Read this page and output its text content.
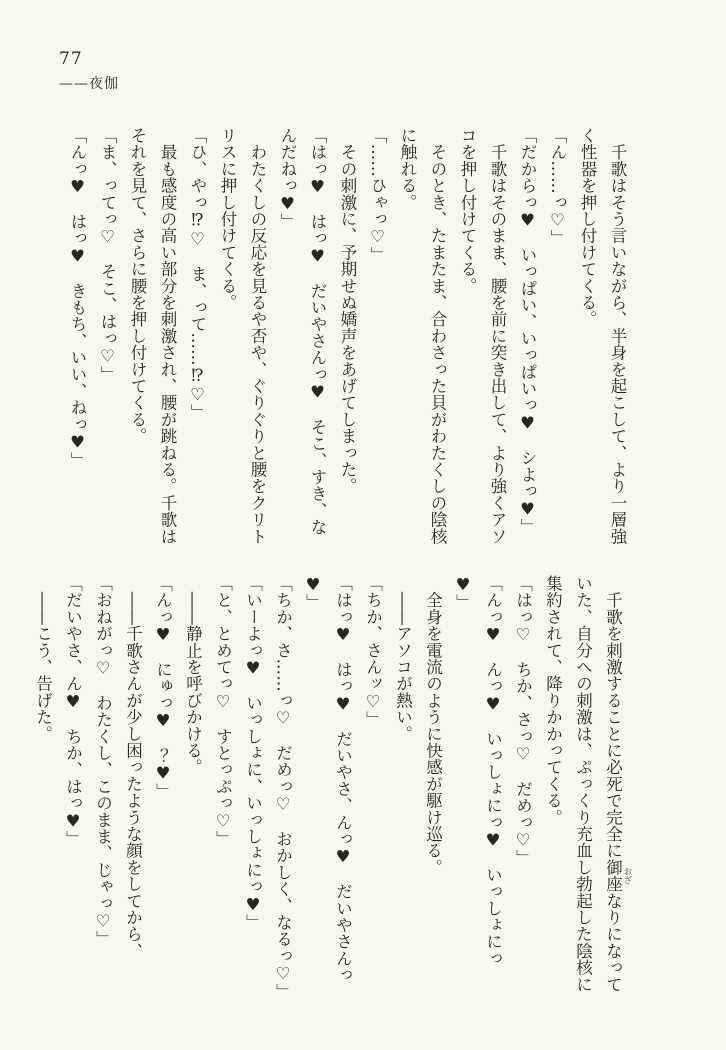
77
——夜伽

　千歌はそう言いながら、半身を起こして、より一層強く性器を押し付けてくる。

「ん……っ♡」

「だからっ♥　いっぱい、いっぱいっ♥　シよっ♥」

　千歌はそのまま、腰を前に突き出して、より強くアソコを押し付けてくる。

　そのとき、たまたま、合わさった貝がわたくしの陰核に触れる。

「……ひゃっ♡」

　その刺激に、予期せぬ嬌声をあげてしまった。

「はっ♥　はっ♥　だいやさんっ♥　そこ、すき、なんだねっ♥」

　わたくしの反応を見るや否や、ぐりぐりと腰をクリトリスに押し付けてくる。

「ひ、やっ⁉♡　ま、って……⁉♡」

　最も感度の高い部分を刺激され、腰が跳ねる。千歌はそれを見て、さらに腰を押し付けてくる。

「ま、ってっ♡　そこ、はっ♡」

「んっ♥　はっ♥　きもち、いい、ねっ♥」

　千歌を刺激することに必死で完全に御座 おざなりになっていた、自分への刺激は、ぷっくり充血し勃起した陰核に集約されて、降りかかってくる。

「はっ♡　ちか、さっ♡　だめっ♡」

「んっ♥　んっ♥　いっしょにっ♥　いっしょにっ♥」

　全身を電流のように快感が駆け巡る。

　――アソコが熱い。

「ちか、さんッ♡」

「はっ♥　はっ♥　だいやさ、んっ♥　だいやさんっ♥」

「ちか、さ……っ♡　だめっ♡　おかしく、なるっ♡」

「いーよっ♥　いっしょに、いっしょにっ♥」

「と、とめてっ♡　すとっぷっ♡」

　――静止を呼びかける。

「んっ♥　にゅっ♥　？♥」

　――千歌さんが少し困ったような顔をしてから、

「おねがっ♡　わたくし、このまま、じゃっ♡」

「だいやさ、ん♥　ちか、はっ♥」

　――こう、告げた。
